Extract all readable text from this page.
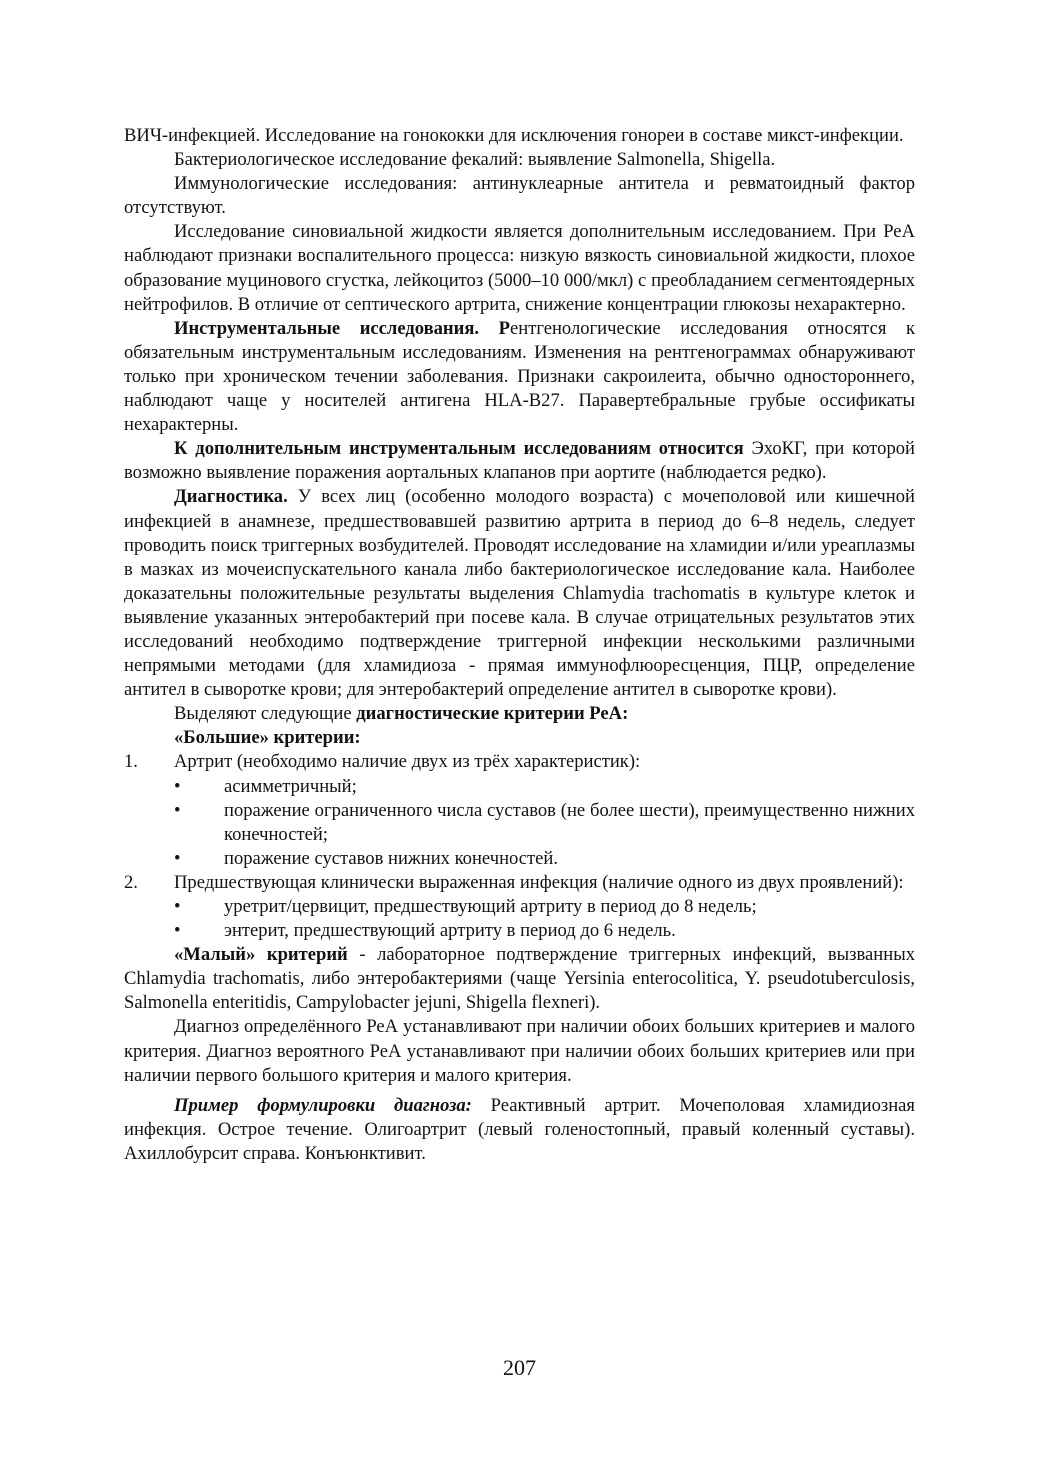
ВИЧ-инфекцией. Исследование на гонококки для исключения гонореи в составе микст-инфекции.

Бактериологическое исследование фекалий: выявление Salmonella, Shigella.

Иммунологические исследования: антинуклеарные антитела и ревматоидный фактор отсутствуют.

Исследование синовиальной жидкости является дополнительным исследованием. При РеА наблюдают признаки воспалительного процесса: низкую вязкость синовиальной жидкости, плохое образование муцинового сгустка, лейкоцитоз (5000–10 000/мкл) с преобладанием сегментоядерных нейтрофилов. В отличие от септического артрита, снижение концентрации глюкозы нехарактерно.

Инструментальные исследования. Рентгенологические исследования относятся к обязательным инструментальным исследованиям. Изменения на рентгенограммах обнаруживают только при хроническом течении заболевания. Признаки сакроилеита, обычно одностороннего, наблюдают чаще у носителей антигена HLA-B27. Паравертебральные грубые оссификаты нехарактерны.

К дополнительным инструментальным исследованиям относится ЭхоКГ, при которой возможно выявление поражения аортальных клапанов при аортите (наблюдается редко).

Диагностика. У всех лиц (особенно молодого возраста) с мочеполовой или кишечной инфекцией в анамнезе, предшествовавшей развитию артрита в период до 6–8 недель, следует проводить поиск триггерных возбудителей. Проводят исследование на хламидии и/или уреаплазмы в мазках из мочеиспускательного канала либо бактериологическое исследование кала. Наиболее доказательны положительные результаты выделения Chlamydia trachomatis в культуре клеток и выявление указанных энтеробактерий при посеве кала. В случае отрицательных результатов этих исследований необходимо подтверждение триггерной инфекции несколькими различными непрямыми методами (для хламидиоза - прямая иммунофлюоресценция, ПЦР, определение антител в сыворотке крови; для энтеробактерий определение антител в сыворотке крови).

Выделяют следующие диагностические критерии РеА:

«Большие» критерии:

1.	Артрит (необходимо наличие двух из трёх характеристик):
•	асимметричный;
•	поражение ограниченного числа суставов (не более шести), преимущественно нижних конечностей;
•	поражение суставов нижних конечностей.
2.	Предшествующая клинически выраженная инфекция (наличие одного из двух проявлений):
•	уретрит/цервицит, предшествующий артриту в период до 8 недель;
•	энтерит, предшествующий артриту в период до 6 недель.

«Малый» критерий - лабораторное подтверждение триггерных инфекций, вызванных Chlamydia trachomatis, либо энтеробактериями (чаще Yersinia enterocolitica, Y. pseudotuberculosis, Salmonella enteritidis, Campylobacter jejuni, Shigella flexneri).

Диагноз определённого РеА устанавливают при наличии обоих больших критериев и малого критерия. Диагноз вероятного РеА устанавливают при наличии обоих больших критериев или при наличии первого большого критерия и малого критерия.

Пример формулировки диагноза: Реактивный артрит. Мочеполовая хламидиозная инфекция. Острое течение. Олигоартрит (левый голеностопный, правый коленный суставы). Ахиллобурсит справа. Конъюнктивит.

207
